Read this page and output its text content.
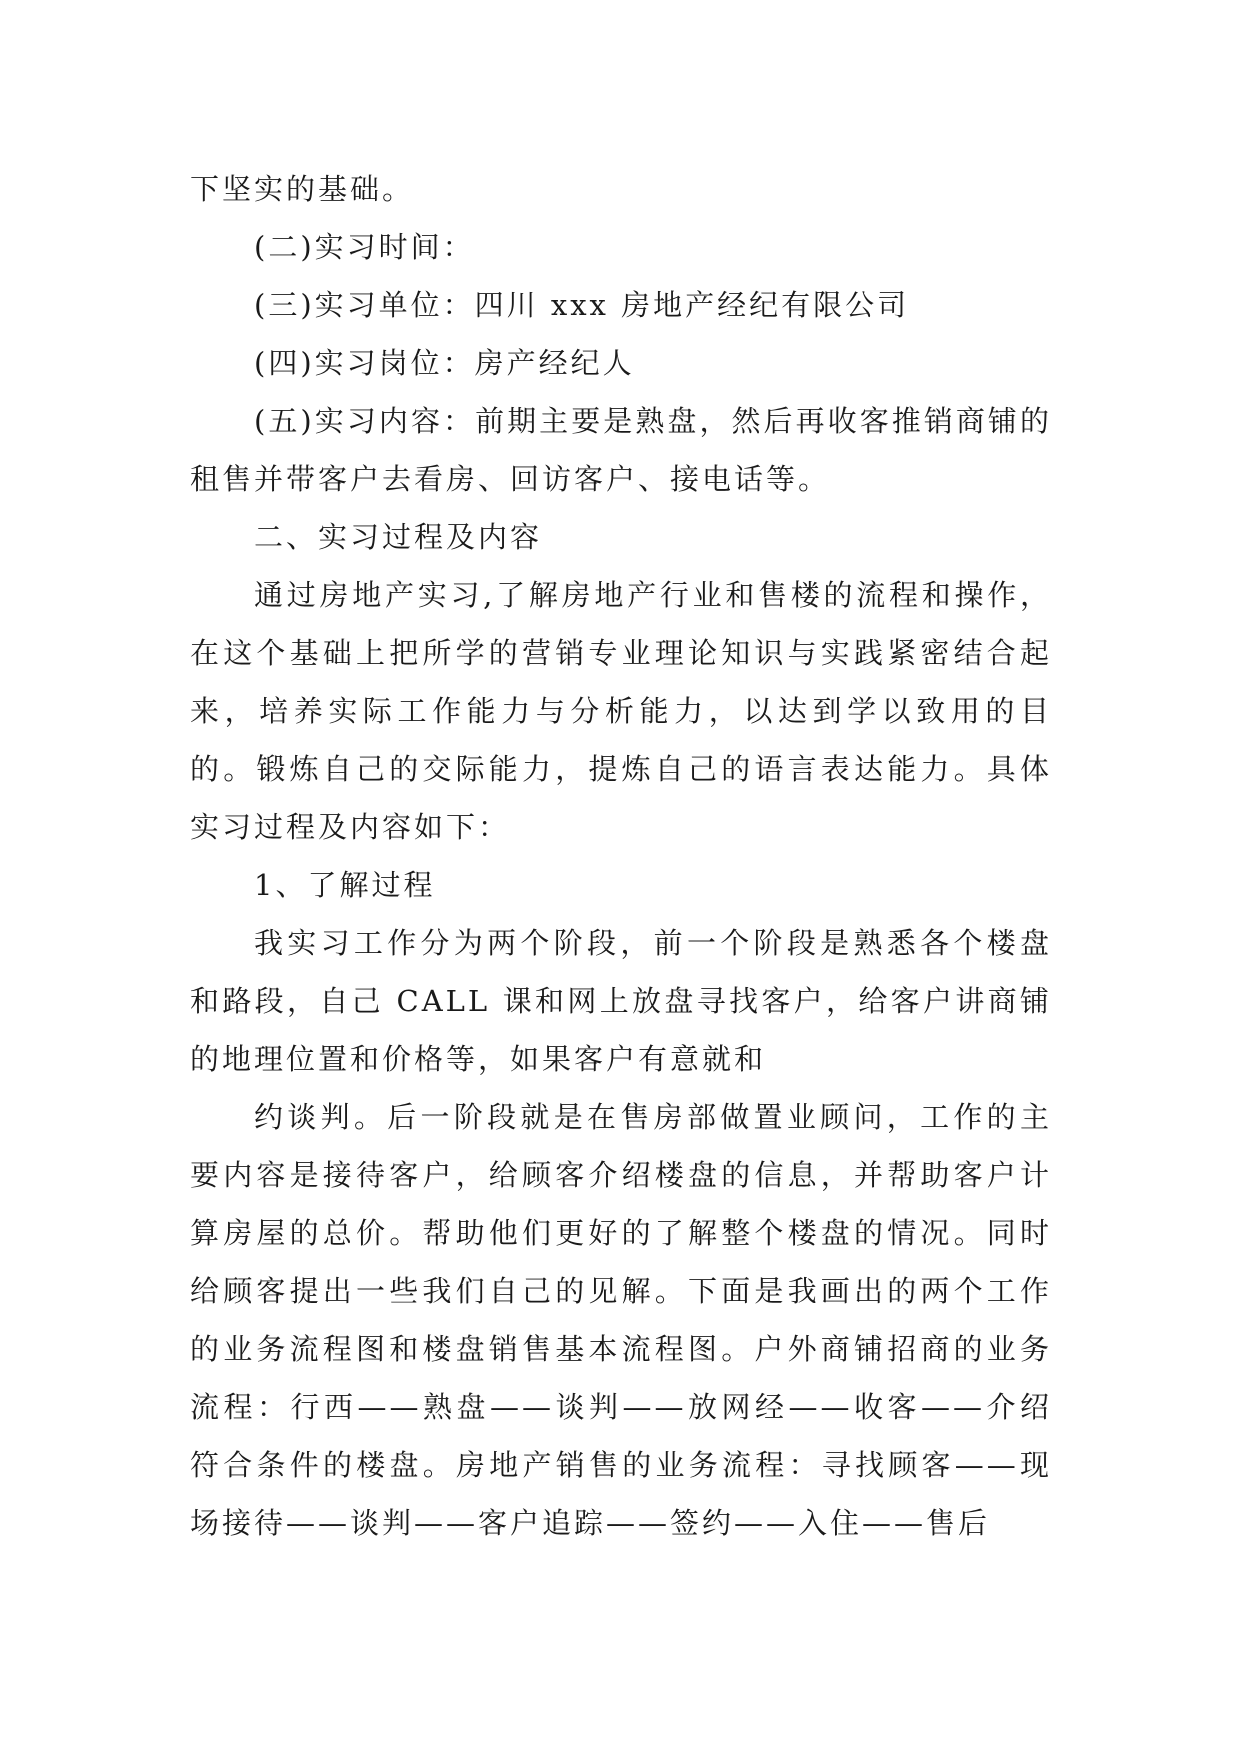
下坚实的基础。

(二)实习时间：

(三)实习单位：四川 xxx 房地产经纪有限公司

(四)实习岗位：房产经纪人

(五)实习内容：前期主要是熟盘，然后再收客推销商铺的租售并带客户去看房、回访客户、接电话等。

二、实习过程及内容

通过房地产实习,了解房地产行业和售楼的流程和操作，在这个基础上把所学的营销专业理论知识与实践紧密结合起来，培养实际工作能力与分析能力，以达到学以致用的目的。锻炼自己的交际能力，提炼自己的语言表达能力。具体实习过程及内容如下：

1、了解过程

我实习工作分为两个阶段，前一个阶段是熟悉各个楼盘和路段，自己 CALL 课和网上放盘寻找客户，给客户讲商铺的地理位置和价格等，如果客户有意就和

约谈判。后一阶段就是在售房部做置业顾问，工作的主要内容是接待客户，给顾客介绍楼盘的信息，并帮助客户计算房屋的总价。帮助他们更好的了解整个楼盘的情况。同时给顾客提出一些我们自己的见解。下面是我画出的两个工作的业务流程图和楼盘销售基本流程图。户外商铺招商的业务流程：行西——熟盘——谈判——放网经——收客——介绍符合条件的楼盘。房地产销售的业务流程：寻找顾客——现场接待——谈判——客户追踪——签约——入住——售后
